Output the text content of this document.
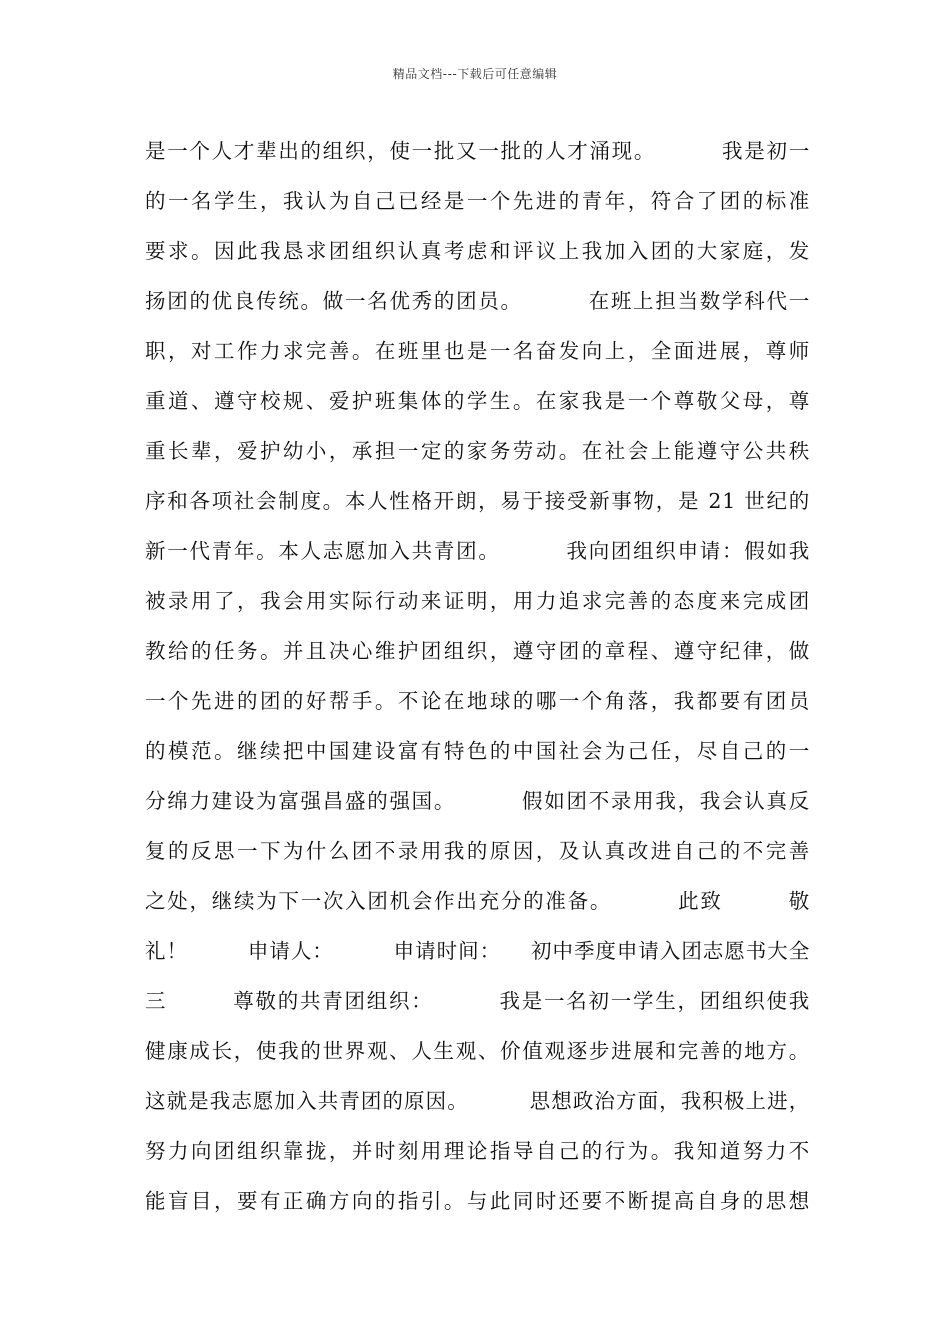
精品文档---下载后可任意编辑
是一个人才辈出的组织，使一批又一批的人才涌现。        我是初一
的一名学生，我认为自己已经是一个先进的青年，符合了团的标准
要求。因此我恳求团组织认真考虑和评议上我加入团的大家庭，发
扬团的优良传统。做一名优秀的团员。        在班上担当数学科代一
职，对工作力求完善。在班里也是一名奋发向上，全面进展，尊师
重道、遵守校规、爱护班集体的学生。在家我是一个尊敬父母，尊
重长辈，爱护幼小，承担一定的家务劳动。在社会上能遵守公共秩
序和各项社会制度。本人性格开朗，易于接受新事物，是 21 世纪的
新一代青年。本人志愿加入共青团。        我向团组织申请：假如我
被录用了，我会用实际行动来证明，用力追求完善的态度来完成团
教给的任务。并且决心维护团组织，遵守团的章程、遵守纪律，做
一个先进的团的好帮手。不论在地球的哪一个角落，我都要有团员
的模范。继续把中国建设富有特色的中国社会为己任，尽自己的一
分绵力建设为富强昌盛的强国。        假如团不录用我，我会认真反
复的反思一下为什么团不录用我的原因，及认真改进自己的不完善
之处，继续为下一次入团机会作出充分的准备。        此致        敬
礼！        申请人：        申请时间：    初中季度申请入团志愿书大全
三        尊敬的共青团组织：        我是一名初一学生，团组织使我
健康成长，使我的世界观、人生观、价值观逐步进展和完善的地方。
这就是我志愿加入共青团的原因。        思想政治方面，我积极上进，
努力向团组织靠拢，并时刻用理论指导自己的行为。我知道努力不
能盲目，要有正确方向的指引。与此同时还要不断提高自身的思想
